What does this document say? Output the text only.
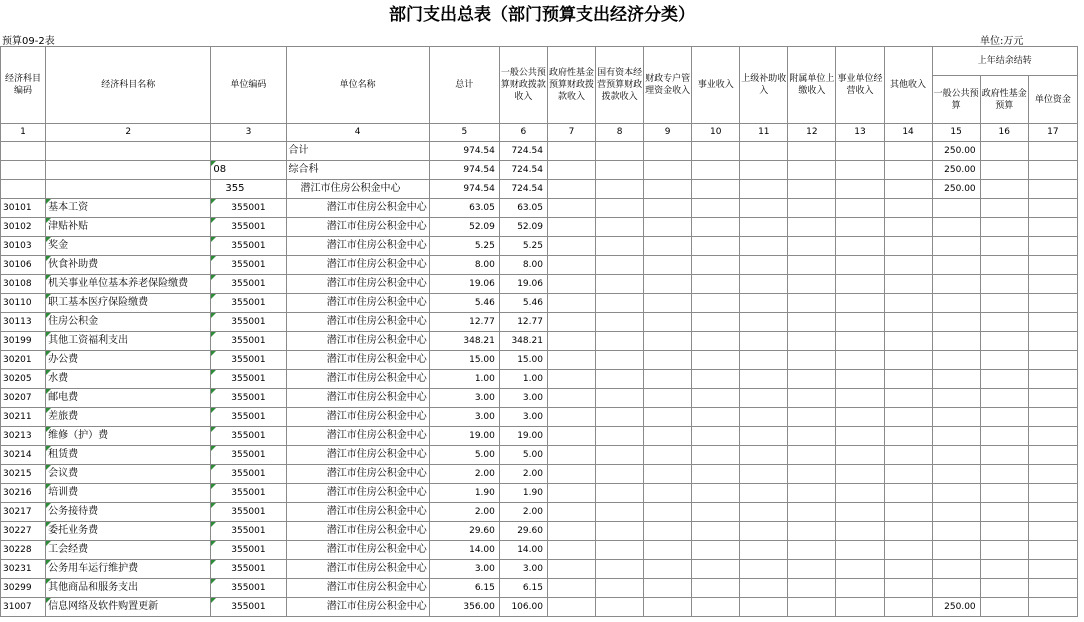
部门支出总表（部门预算支出经济分类）
预算09-2表	单位:万元
经济科目编码	经济科目名称	单位编码	单位名称	总计	一般公共预算财政拨款收入	政府性基金预算财政拨款收入	国有资本经营预算财政拨款收入	财政专户管理资金收入	事业收入	上级补助收入	附属单位上缴收入	事业单位经营收入	其他收入	上年结余结转		
														一般公共预算	政府性基金预算	单位资金
1	2	3	4	5	6	7	8	9	10	11	12	13	14	15	16	17
			合计	974.54	724.54									250.00		
		08	综合科	974.54	724.54									250.00		
		355	潜江市住房公积金中心	974.54	724.54									250.00		
30101	基本工资	355001	潜江市住房公积金中心	63.05	63.05											
30102	津贴补贴	355001	潜江市住房公积金中心	52.09	52.09											
30103	奖金	355001	潜江市住房公积金中心	5.25	5.25											
30106	伙食补助费	355001	潜江市住房公积金中心	8.00	8.00											
30108	机关事业单位基本养老保险缴费	355001	潜江市住房公积金中心	19.06	19.06											
30110	职工基本医疗保险缴费	355001	潜江市住房公积金中心	5.46	5.46											
30113	住房公积金	355001	潜江市住房公积金中心	12.77	12.77											
30199	其他工资福利支出	355001	潜江市住房公积金中心	348.21	348.21											
30201	办公费	355001	潜江市住房公积金中心	15.00	15.00											
30205	水费	355001	潜江市住房公积金中心	1.00	1.00											
30207	邮电费	355001	潜江市住房公积金中心	3.00	3.00											
30211	差旅费	355001	潜江市住房公积金中心	3.00	3.00											
30213	维修（护）费	355001	潜江市住房公积金中心	19.00	19.00											
30214	租赁费	355001	潜江市住房公积金中心	5.00	5.00											
30215	会议费	355001	潜江市住房公积金中心	2.00	2.00											
30216	培训费	355001	潜江市住房公积金中心	1.90	1.90											
30217	公务接待费	355001	潜江市住房公积金中心	2.00	2.00											
30227	委托业务费	355001	潜江市住房公积金中心	29.60	29.60											
30228	工会经费	355001	潜江市住房公积金中心	14.00	14.00											
30231	公务用车运行维护费	355001	潜江市住房公积金中心	3.00	3.00											
30299	其他商品和服务支出	355001	潜江市住房公积金中心	6.15	6.15											
31007	信息网络及软件购置更新	355001	潜江市住房公积金中心	356.00	106.00									250.00		
